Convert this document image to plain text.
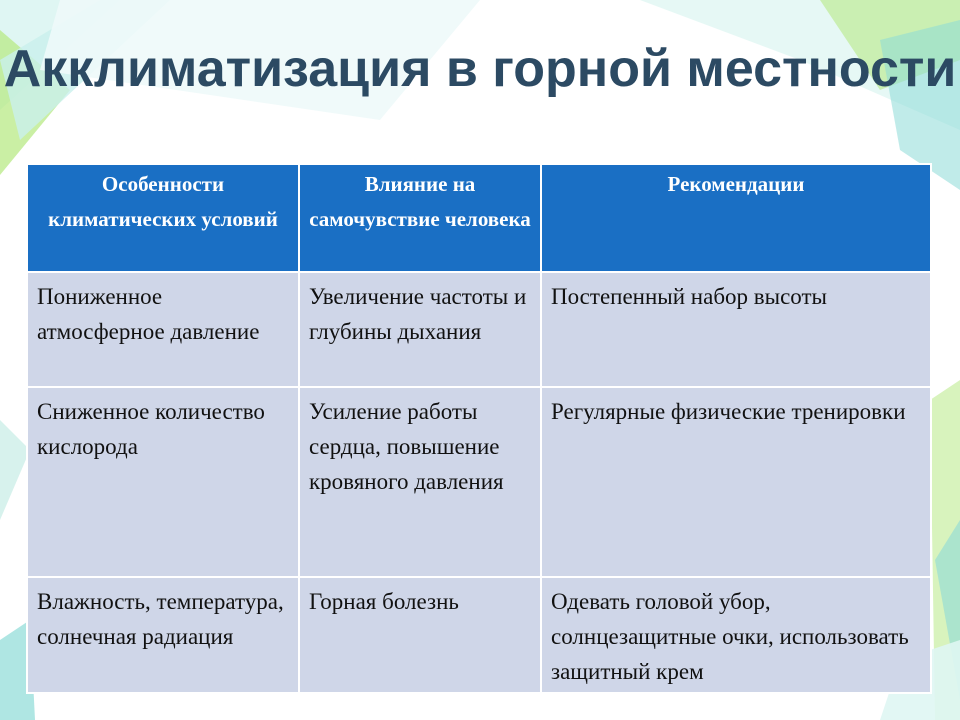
Акклиматизация в горной местности
Особенности климатических условий	Влияние на самочувствие человека	Рекомендации
Пониженное атмосферное давление	Увеличение частоты и глубины дыхания	Постепенный набор высоты
Сниженное количество кислорода	Усиление работы сердца, повышение кровяного давления	Регулярные физические тренировки
Влажность, температура, солнечная радиация	Горная болезнь	Одевать головой убор, солнцезащитные очки, использовать защитный крем
